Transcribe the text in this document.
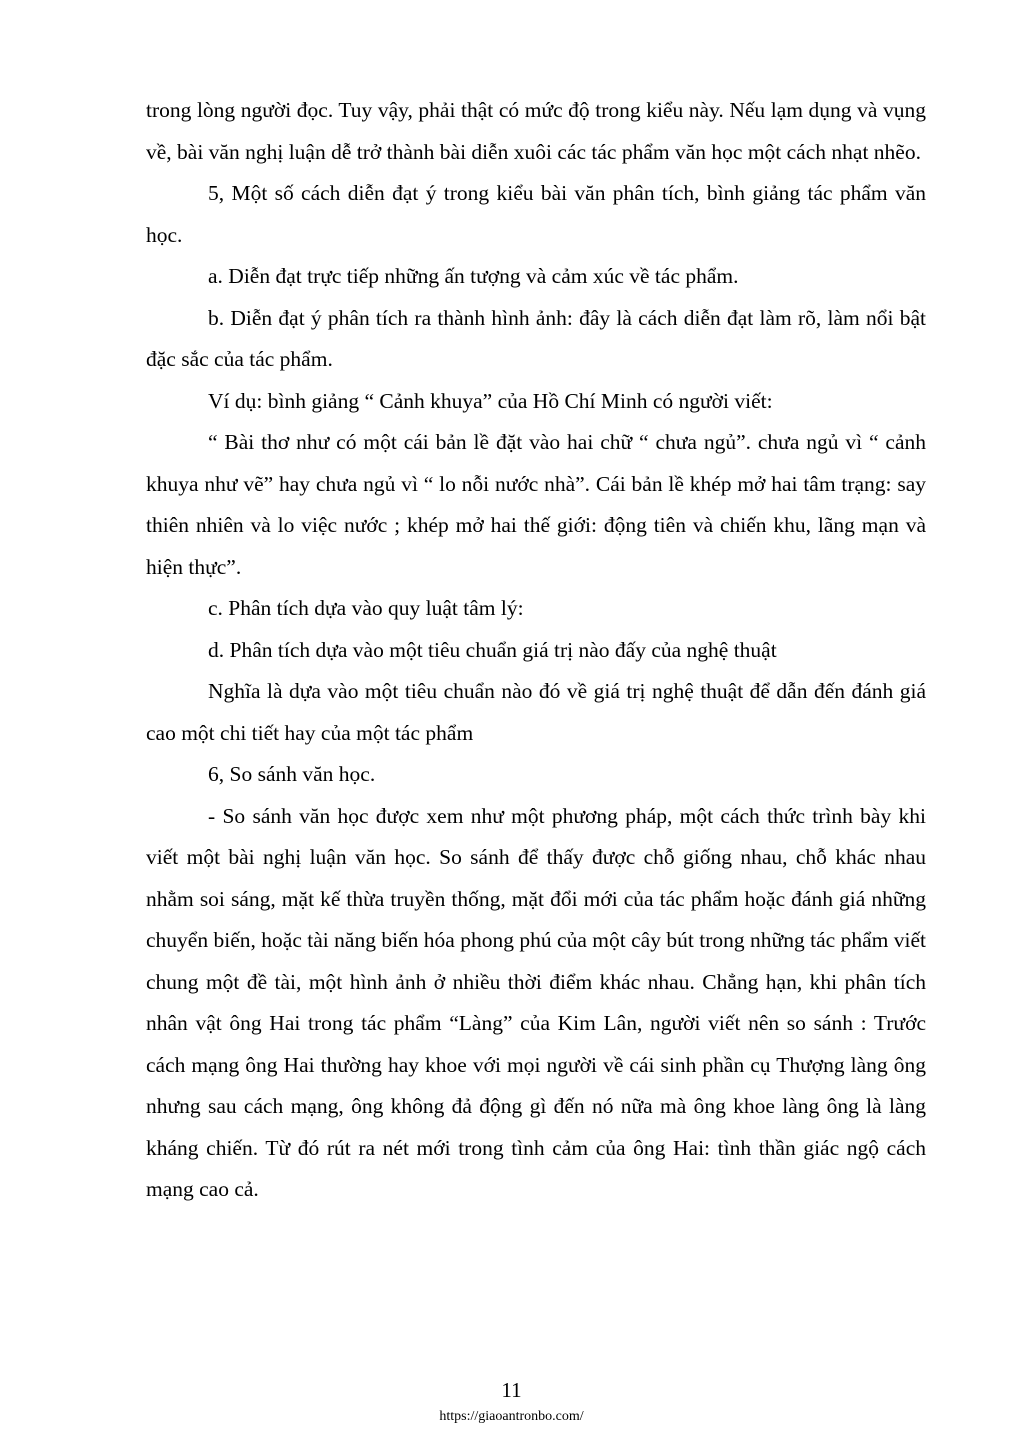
trong lòng người đọc. Tuy vậy, phải thật có mức độ trong kiểu này. Nếu lạm dụng và vụng về, bài văn nghị luận dễ trở thành bài diễn xuôi các tác phẩm văn học một cách nhạt nhẽo.

5, Một số cách diễn đạt ý trong kiểu bài văn phân tích, bình giảng tác phẩm văn học.

a. Diễn đạt trực tiếp những ấn tượng và cảm xúc về tác phẩm.

b. Diễn đạt ý phân tích ra thành hình ảnh: đây là cách diễn đạt làm rõ, làm nổi bật đặc sắc của tác phẩm.

Ví dụ: bình giảng “ Cảnh khuya” của Hồ Chí Minh có người viết:

“ Bài thơ như có một cái bản lề đặt vào hai chữ “ chưa ngủ”. chưa ngủ vì “ cảnh khuya như vẽ” hay chưa ngủ vì “ lo nỗi nước nhà”. Cái bản lề khép mở hai tâm trạng: say thiên nhiên và lo việc nước ; khép mở hai thế giới: động tiên và chiến khu, lãng mạn và hiện thực”.

c. Phân tích dựa vào quy luật tâm lý:

d. Phân tích dựa vào một tiêu chuẩn giá trị nào đấy của nghệ thuật

Nghĩa là dựa vào một tiêu chuẩn nào đó về giá trị nghệ thuật để dẫn đến đánh giá cao một chi tiết hay của một tác phẩm

6, So sánh văn học.

- So sánh văn học được xem như một phương pháp, một cách thức trình bày khi viết một bài nghị luận văn học. So sánh để thấy được chỗ giống nhau, chỗ khác nhau nhằm soi sáng, mặt kế thừa truyền thống, mặt đổi mới của tác phẩm hoặc đánh giá những chuyển biến, hoặc tài năng biến hóa phong phú của một cây bút trong những tác phẩm viết chung một đề tài, một hình ảnh ở nhiều thời điểm khác nhau. Chẳng hạn, khi phân tích nhân vật ông Hai trong tác phẩm “Làng” của Kim Lân, người viết nên so sánh : Trước cách mạng ông Hai thường hay khoe với mọi người về cái sinh phần cụ Thượng làng ông nhưng sau cách mạng, ông không đả động gì đến nó nữa mà ông khoe làng ông là làng kháng chiến. Từ đó rút ra nét mới trong tình cảm của ông Hai: tình thần giác ngộ cách mạng cao cả.

11
https://giaoantronbo.com/
